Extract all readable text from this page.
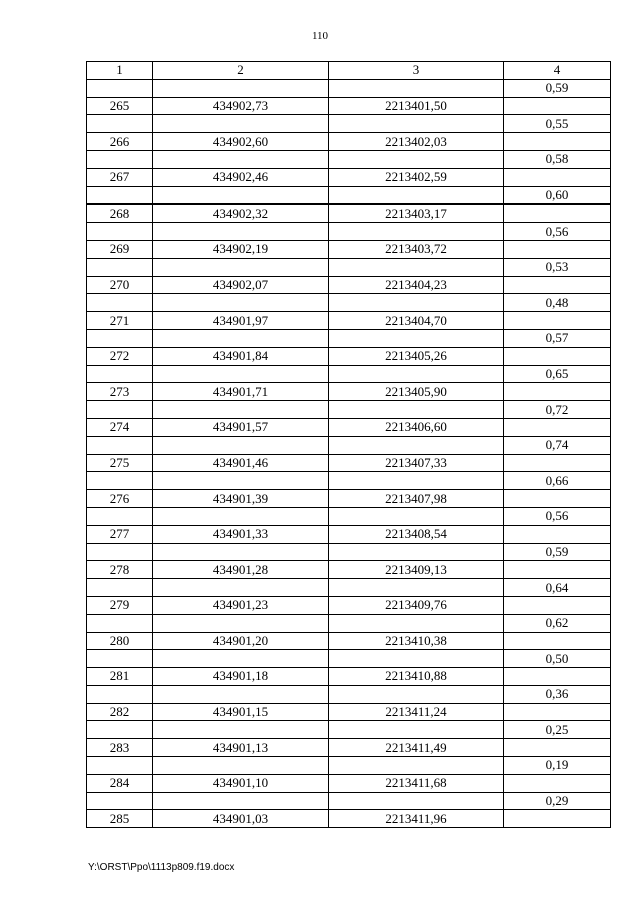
110
1	2	3	4
			0,59
265	434902,73	2213401,50	
			0,55
266	434902,60	2213402,03	
			0,58
267	434902,46	2213402,59	
			0,60
268	434902,32	2213403,17	
			0,56
269	434902,19	2213403,72	
			0,53
270	434902,07	2213404,23	
			0,48
271	434901,97	2213404,70	
			0,57
272	434901,84	2213405,26	
			0,65
273	434901,71	2213405,90	
			0,72
274	434901,57	2213406,60	
			0,74
275	434901,46	2213407,33	
			0,66
276	434901,39	2213407,98	
			0,56
277	434901,33	2213408,54	
			0,59
278	434901,28	2213409,13	
			0,64
279	434901,23	2213409,76	
			0,62
280	434901,20	2213410,38	
			0,50
281	434901,18	2213410,88	
			0,36
282	434901,15	2213411,24	
			0,25
283	434901,13	2213411,49	
			0,19
284	434901,10	2213411,68	
			0,29
285	434901,03	2213411,96	
Y:\ORST\Ppo\1113p809.f19.docx
